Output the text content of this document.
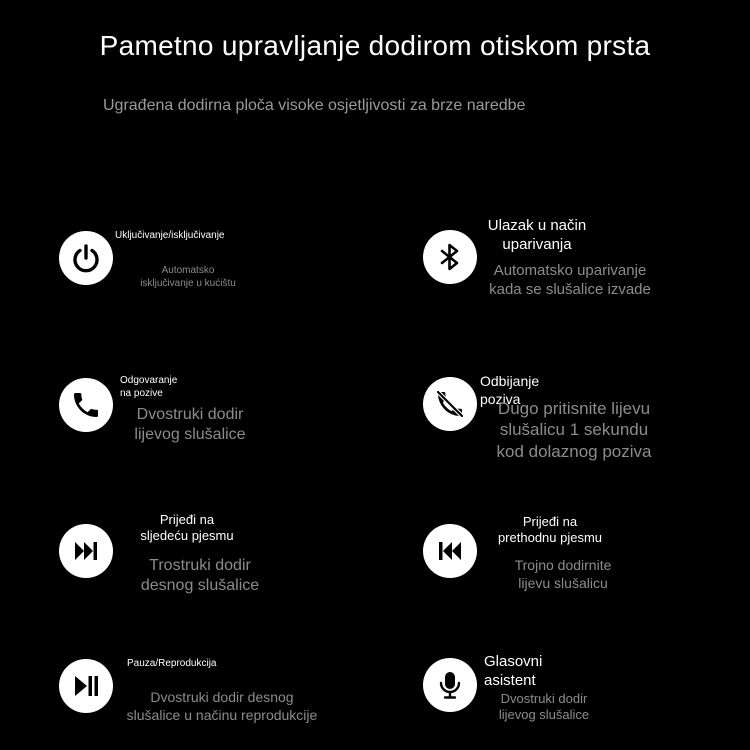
Pametno upravljanje dodirom otiskom prsta
Ugrađena dodirna ploča visoke osjetljivosti za brze naredbe
Uključivanje/isključivanje
Automatsko
isključivanje u kućištu
Ulazak u način
uparivanja
Automatsko uparivanje
kada se slušalice izvade
Odgovaranje na pozive
Dvostruki dodir
lijevog slušalice
Odbijanje poziva
Dugo pritisnite lijevu
slušalicu 1 sekundu
kod dolaznog poziva
Prijeđi na
sljedeću pjesmu
Trostruki dodir
desnog slušalice
Prijeđi na
prethodnu pjesmu
Trojno dodirnite
lijevu slušalicu
Pauza/Reprodukcija
Dvostruki dodir desnog
slušalice u načinu reprodukcije
Glasovni asistent
Dvostruki dodir
lijevog slušalice
